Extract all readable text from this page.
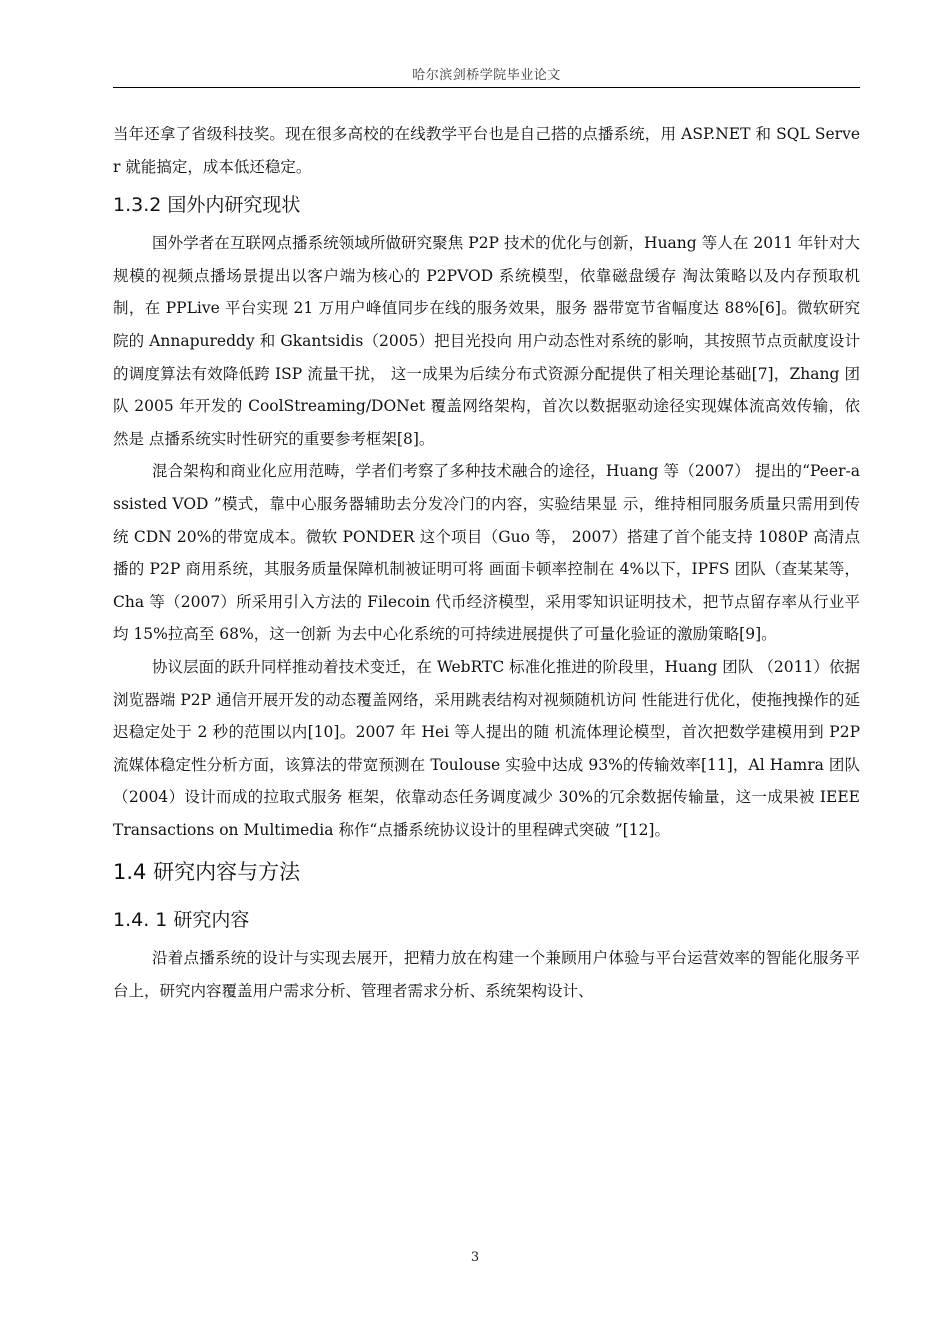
哈尔滨剑桥学院毕业论文

当年还拿了省级科技奖。现在很多高校的在线教学平台也是自己搭的点播系统，用 ASP.NET 和 SQL Server 就能搞定，成本低还稳定。

1.3.2 国外内研究现状

国外学者在互联网点播系统领域所做研究聚焦 P2P 技术的优化与创新，Huang 等人在 2011 年针对大规模的视频点播场景提出以客户端为核心的 P2PVOD 系统模型，依靠磁盘缓存 淘汰策略以及内存预取机制，在 PPLive 平台实现 21 万用户峰值同步在线的服务效果，服务 器带宽节省幅度达 88%[6]。微软研究院的 Annapureddy 和 Gkantsidis（2005）把目光投向 用户动态性对系统的影响，其按照节点贡献度设计的调度算法有效降低跨 ISP 流量干扰， 这一成果为后续分布式资源分配提供了相关理论基础[7]，Zhang 团队 2005 年开发的 CoolStreaming/DONet 覆盖网络架构，首次以数据驱动途径实现媒体流高效传输，依然是 点播系统实时性研究的重要参考框架[8]。

混合架构和商业化应用范畴，学者们考察了多种技术融合的途径，Huang 等（2007） 提出的“Peer-assisted VOD ”模式，靠中心服务器辅助去分发冷门的内容，实验结果显 示，维持相同服务质量只需用到传统 CDN 20%的带宽成本。微软 PONDER 这个项目（Guo 等， 2007）搭建了首个能支持 1080P 高清点播的 P2P 商用系统，其服务质量保障机制被证明可将 画面卡顿率控制在 4%以下，IPFS 团队（查某某等，Cha 等（2007）所采用引入方法的 Filecoin 代币经济模型，采用零知识证明技术，把节点留存率从行业平均 15%拉高至 68%，这一创新 为去中心化系统的可持续进展提供了可量化验证的激励策略[9]。

协议层面的跃升同样推动着技术变迁，在 WebRTC 标准化推进的阶段里，Huang 团队 （2011）依据浏览器端 P2P 通信开展开发的动态覆盖网络，采用跳表结构对视频随机访问 性能进行优化，使拖拽操作的延迟稳定处于 2 秒的范围以内[10]。2007 年 Hei 等人提出的随 机流体理论模型，首次把数学建模用到 P2P 流媒体稳定性分析方面，该算法的带宽预测在 Toulouse 实验中达成 93%的传输效率[11]，Al Hamra 团队（2004）设计而成的拉取式服务 框架，依靠动态任务调度减少 30%的冗余数据传输量，这一成果被 IEEE Transactions on Multimedia 称作“点播系统协议设计的里程碑式突破 ”[12]。

1.4 研究内容与方法
1.4. 1 研究内容

沿着点播系统的设计与实现去展开，把精力放在构建一个兼顾用户体验与平台运营效率的智能化服务平台上，研究内容覆盖用户需求分析、管理者需求分析、系统架构设计、

3
